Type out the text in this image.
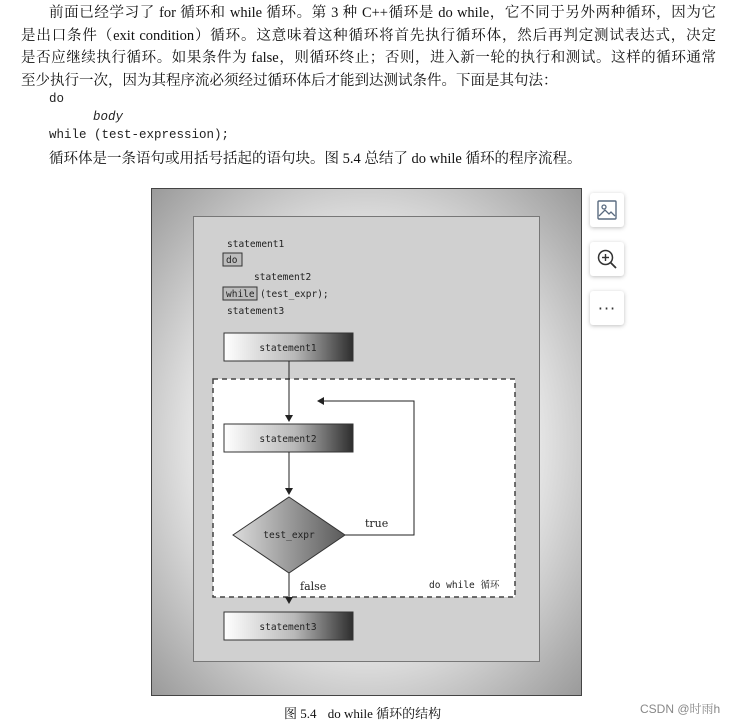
前面已经学习了 for 循环和 while 循环。第 3 种 C++循环是 do while，它不同于另外两种循环，因为它
是出口条件（exit condition）循环。这意味着这种循环将首先执行循环体，然后再判定测试表达式，决定
是否应继续执行循环。如果条件为 false，则循环终止；否则，进入新一轮的执行和测试。这样的循环通常
至少执行一次，因为其程序流必须经过循环体后才能到达测试条件。下面是其句法：

do
body
while (test-expression);
循环体是一条语句或用括号括起的语句块。图 5.4 总结了 do while 循环的程序流程。
statement1
do
statement2
while (test_expr);
statement3
statement1
statement2
test_expr
true
false	do while 循环
statement3
图 5.4 do while 循环的结构
···
CSDN @时雨h
